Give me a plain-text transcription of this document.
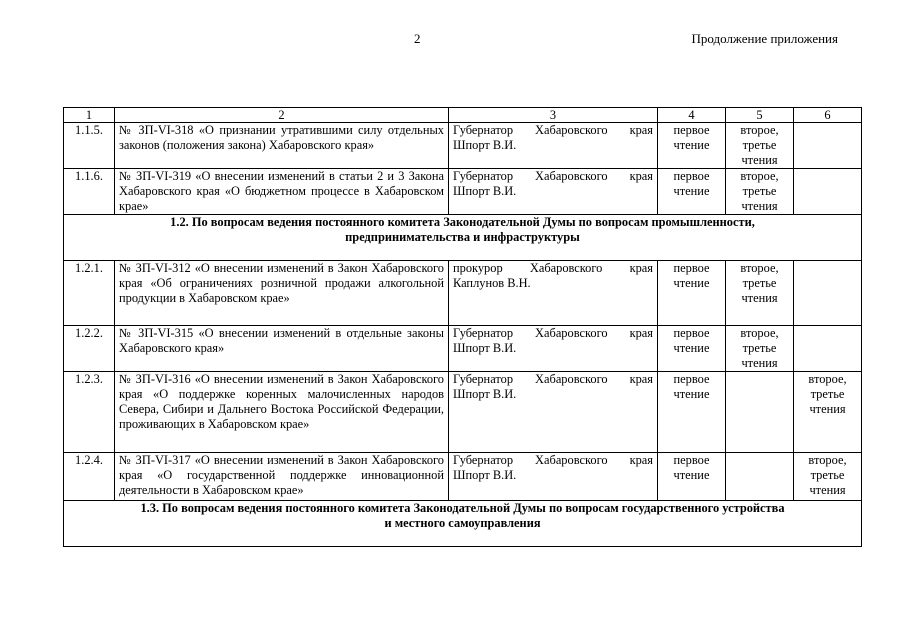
2	Продолжение приложения
1	2	3	4	5	6
1.1.5.	№ ЗП-VI-318 «О признании утратившими силу отдельных законов (положения закона) Хабаровского края»	Губернатор Хабаровского края Шпорт В.И.	первое чтение	второе, третье чтения	
1.1.6.	№ ЗП-VI-319 «О внесении изменений в статьи 2 и 3 Закона Хабаровского края «О бюджетном процессе в Хабаровском крае»	Губернатор Хабаровского края Шпорт В.И.	первое чтение	второе, третье чтения	

1.2. По вопросам ведения постоянного комитета Законодательной Думы по вопросам промышленности,
предпринимательства и инфраструктуры					

1.2.1.	№ ЗП-VI-312 «О внесении изменений в Закон Хабаровского края «Об ограничениях розничной продажи алкогольной продукции в Хабаровском крае»	прокурор Хабаровского края Каплунов В.Н.	первое чтение	второе, третье чтения	
1.2.2.	№ ЗП-VI-315 «О внесении изменений в отдельные законы Хабаровского края»	Губернатор Хабаровского края Шпорт В.И.	первое чтение	второе, третье чтения	
1.2.3.	№ ЗП-VI-316 «О внесении изменений в Закон Хабаровского края «О поддержке коренных малочисленных народов Севера, Сибири и Дальнего Востока Российской Федерации, проживающих в Хабаровском крае»	Губернатор Хабаровского края Шпорт В.И.	первое чтение		второе, третье чтения
1.2.4.	№ ЗП-VI-317 «О внесении изменений в Закон Хабаровского края «О государственной поддержке инновационной деятельности в Хабаровском крае»	Губернатор Хабаровского края Шпорт В.И.	первое чтение		второе, третье чтения

1.3. По вопросам ведения постоянного комитета Законодательной Думы по вопросам государственного устройства
и местного самоуправления					
